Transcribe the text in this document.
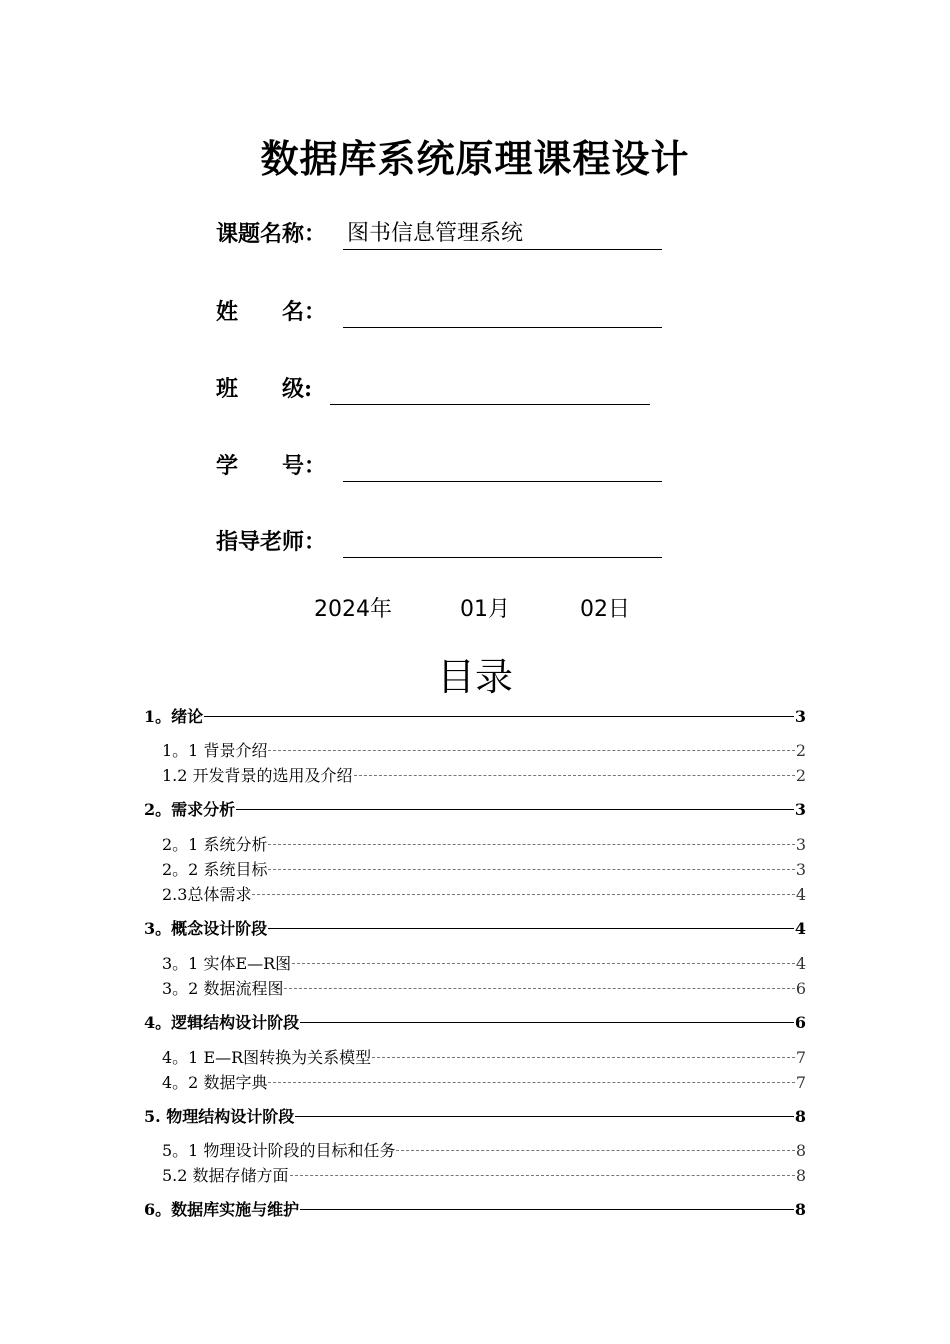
数据库系统原理课程设计
课题名称： 图书信息管理系统
姓　　名：
班　　级:
学　　号：
指导老师：
2024年	01月	02日
目录
1。绪论	3
1。1 背景介绍	2
1.2 开发背景的选用及介绍	2
2。需求分析	3
2。1 系统分析	3
2。2 系统目标	3
2.3总体需求	4
3。概念设计阶段	4
3。1 实体E—R图	4
3。2 数据流程图	6
4。逻辑结构设计阶段	6
4。1 E—R图转换为关系模型	7
4。2 数据字典	7
5. 物理结构设计阶段	8
5。1 物理设计阶段的目标和任务	8
5.2 数据存储方面	8
6。数据库实施与维护	8
